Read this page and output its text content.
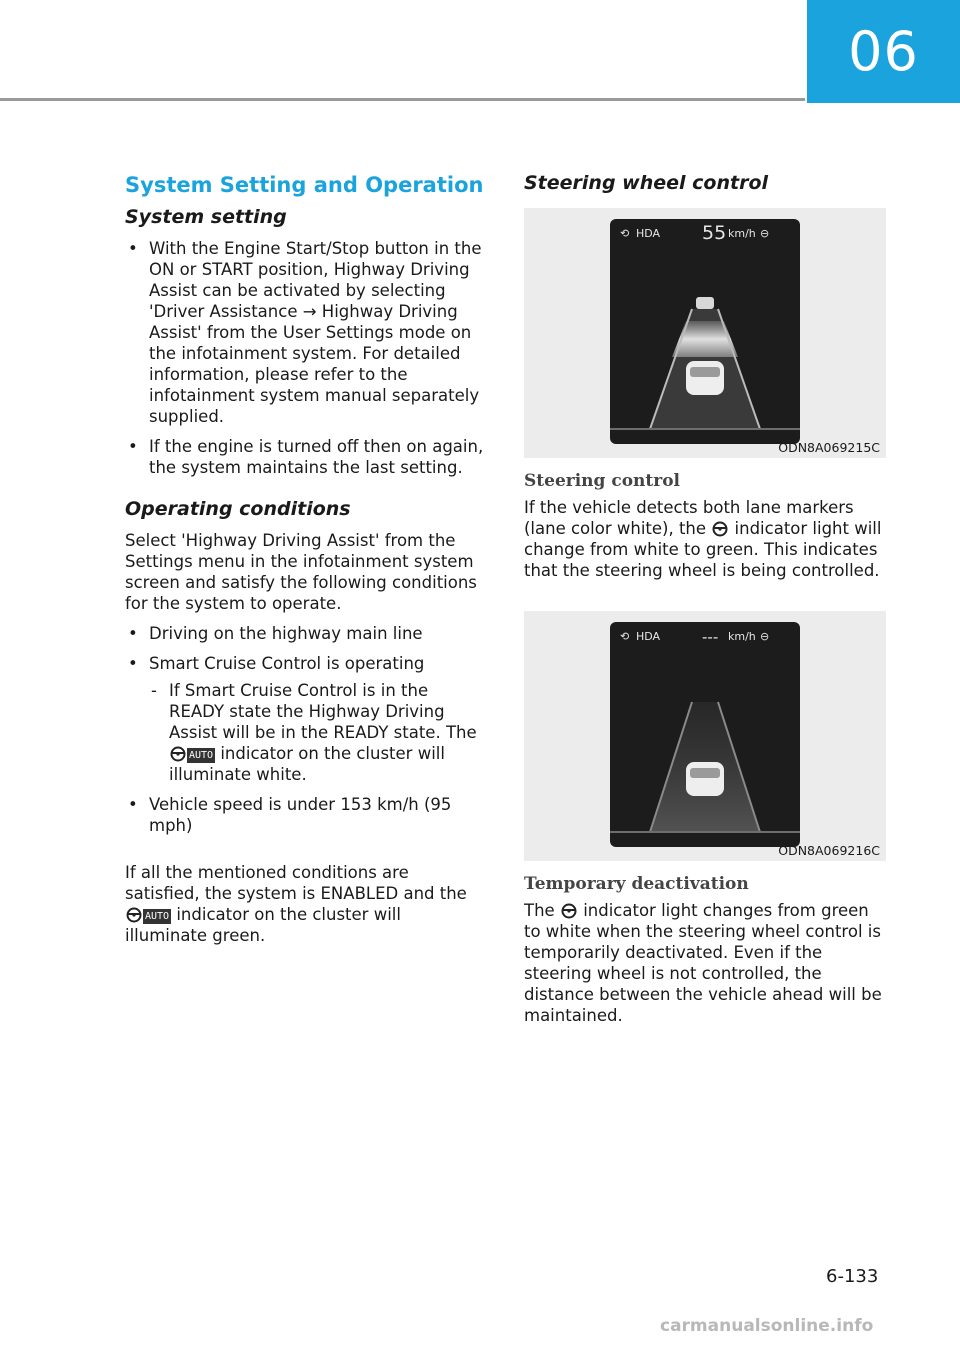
06
System Setting and Operation
System setting
• With the Engine Start/Stop button in the ON or START position, Highway Driving Assist can be activated by selecting 'Driver Assistance → Highway Driving Assist' from the User Settings mode on the infotainment system. For detailed information, please refer to the infotainment system manual separately supplied.
• If the engine is turned off then on again, the system maintains the last setting.
Operating conditions

Select 'Highway Driving Assist' from the Settings menu in the infotainment system screen and satisfy the following conditions for the system to operate.

• Driving on the highway main line
• Smart Cruise Control is operating
- If Smart Cruise Control is in the READY state the Highway Driving Assist will be in the READY state. The AUTO indicator on the cluster will illuminate white.
• Vehicle speed is under 153 km/h (95 mph)

If all the mentioned conditions are satisfied, the system is ENABLED and the AUTO indicator on the cluster will illuminate green.

Steering wheel control
⟲ HDA 55 km/h ⊖
ODN8A069215C
Steering control

If the vehicle detects both lane markers (lane color white), the indicator light will change from white to green. This indicates that the steering wheel is being controlled.

⟲ HDA	--- km/h ⊖
ODN8A069216C
Temporary deactivation

The indicator light changes from green to white when the steering wheel control is temporarily deactivated. Even if the steering wheel is not controlled, the distance between the vehicle ahead will be maintained.

6-133
carmanualsonline.info
